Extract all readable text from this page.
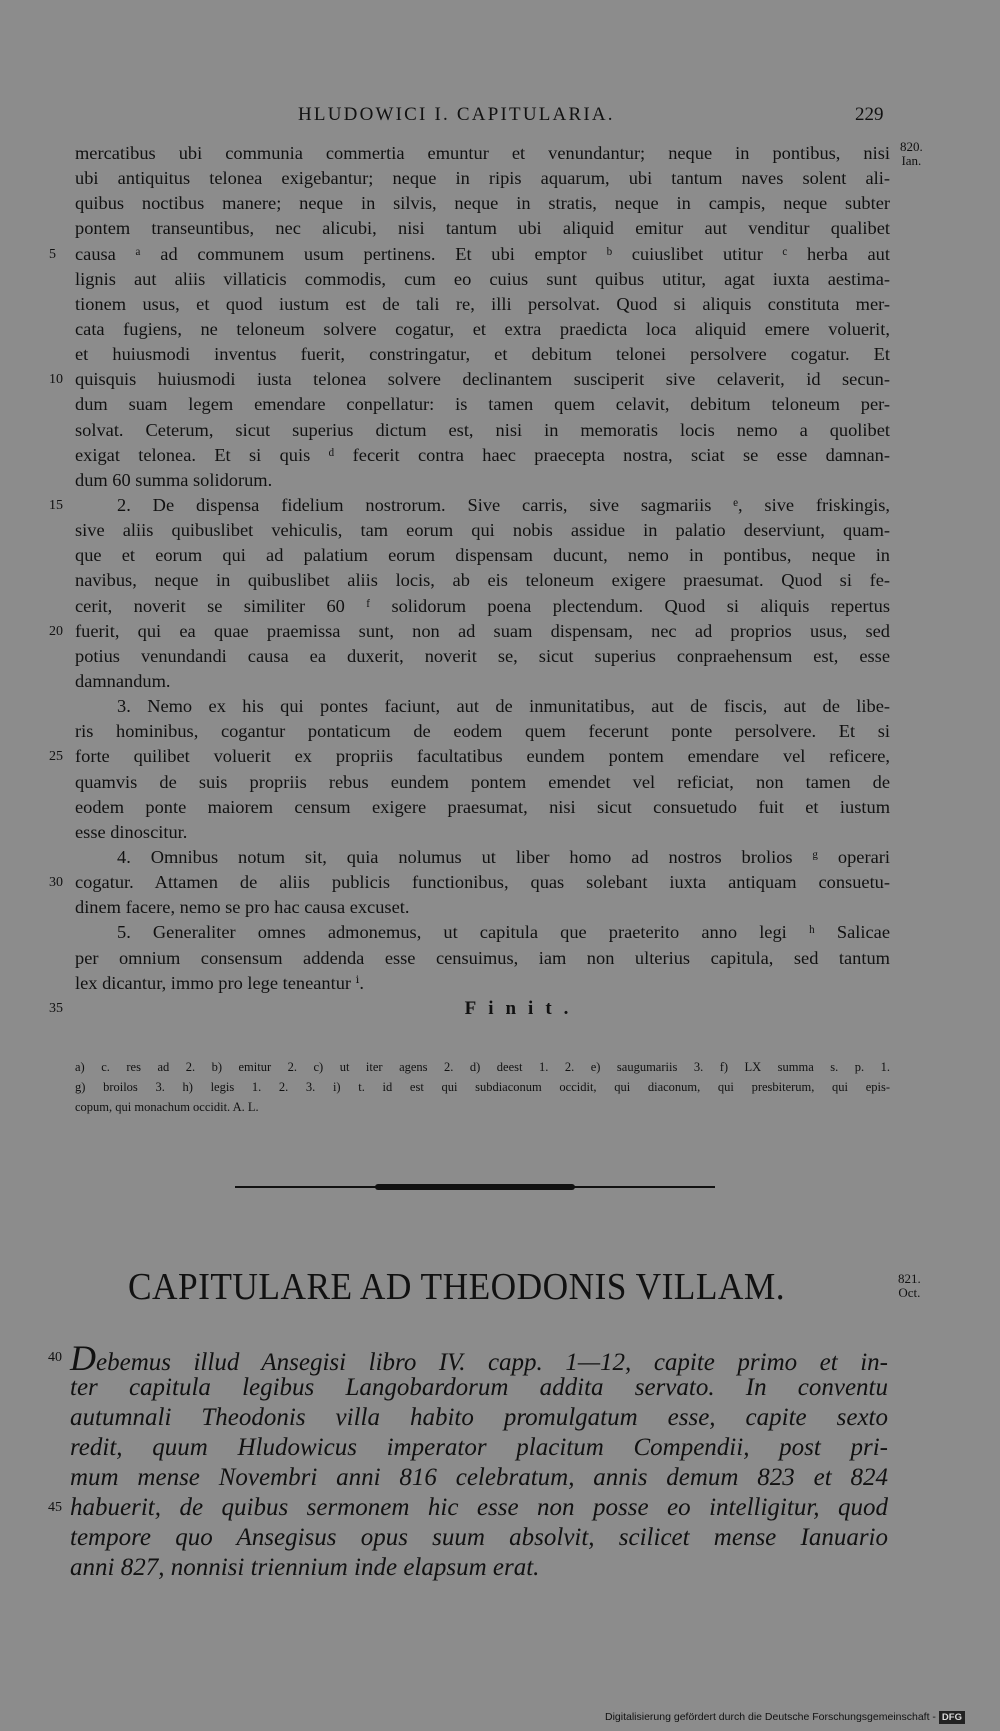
HLUDOWICI I. CAPITULARIA.	229
820.
Ian.
mercatibus ubi communia commertia emuntur et venundantur; neque in pontibus, nisi
ubi antiquitus telonea exigebantur; neque in ripis aquarum, ubi tantum naves solent ali-
quibus noctibus manere; neque in silvis, neque in stratis, neque in campis, neque subter
pontem transeuntibus, nec alicubi, nisi tantum ubi aliquid emitur aut venditur qualibet
5	causa ᵃ ad communem usum pertinens. Et ubi emptor ᵇ cuiuslibet utitur ᶜ herba aut
lignis aut aliis villaticis commodis, cum eo cuius sunt quibus utitur, agat iuxta aestima-
tionem usus, et quod iustum est de tali re, illi persolvat. Quod si aliquis constituta mer-
cata fugiens, ne teloneum solvere cogatur, et extra praedicta loca aliquid emere voluerit,
et huiusmodi inventus fuerit, constringatur, et debitum telonei persolvere cogatur. Et
10 quisquis huiusmodi iusta telonea solvere declinantem susciperit sive celaverit, id secun-
dum suam legem emendare conpellatur: is tamen quem celavit, debitum teloneum per-
solvat. Ceterum, sicut superius dictum est, nisi in memoratis locis nemo a quolibet
exigat telonea. Et si quis ᵈ fecerit contra haec praecepta nostra, sciat se esse damnan-
dum 60 summa solidorum.
15	2. De dispensa fidelium nostrorum. Sive carris, sive sagmariis ᵉ, sive friskingis,
sive aliis quibuslibet vehiculis, tam eorum qui nobis assidue in palatio deserviunt, quam-
que et eorum qui ad palatium eorum dispensam ducunt, nemo in pontibus, neque in
navibus, neque in quibuslibet aliis locis, ab eis teloneum exigere praesumat. Quod si fe-
cerit, noverit se similiter 60 ᶠ solidorum poena plectendum. Quod si aliquis repertus
20 fuerit, qui ea quae praemissa sunt, non ad suam dispensam, nec ad proprios usus, sed
potius venundandi causa ea duxerit, noverit se, sicut superius conpraehensum est, esse
damnandum.
3. Nemo ex his qui pontes faciunt, aut de inmunitatibus, aut de fiscis, aut de libe-
ris hominibus, cogantur pontaticum de eodem quem fecerunt ponte persolvere. Et si
25 forte quilibet voluerit ex propriis facultatibus eundem pontem emendare vel reficere,
quamvis de suis propriis rebus eundem pontem emendet vel reficiat, non tamen de
eodem ponte maiorem censum exigere praesumat, nisi sicut consuetudo fuit et iustum
esse dinoscitur.
4. Omnibus notum sit, quia nolumus ut liber homo ad nostros brolios ᵍ operari
30 cogatur. Attamen de aliis publicis functionibus, quas solebant iuxta antiquam consuetu-
dinem facere, nemo se pro hac causa excuset.
5. Generaliter omnes admonemus, ut capitula que praeterito anno legi ʰ Salicae
per omnium consensum addenda esse censuimus, iam non ulterius capitula, sed tantum
lex dicantur, immo pro lege teneantur ⁱ.
35	Finit.
a) c. res ad 2. b) emitur 2. c) ut iter agens 2. d) deest 1. 2. e) saugumariis 3. f) LX summa s. p. 1.
g) broilos 3. h) legis 1. 2. 3. i) t. id est qui subdiaconum occidit, qui diaconum, qui presbiterum, qui epis-
copum, qui monachum occidit. A. L.
CAPITULARE AD THEODONIS VILLAM.	821.
Oct.
40 Debemus illud Ansegisi libro IV. capp. 1—12, capite primo et in-
ter capitula legibus Langobardorum addita servato. In conventu
autumnali Theodonis villa habito promulgatum esse, capite sexto
redit, quum Hludowicus imperator placitum Compendii, post pri-
mum mense Novembri anni 816 celebratum, annis demum 823 et 824
45 habuerit, de quibus sermonem hic esse non posse eo intelligitur, quod
tempore quo Ansegisus opus suum absolvit, scilicet mense Ianuario
anni 827, nonnisi triennium inde elapsum erat.
Digitalisierung gefördert durch die Deutsche Forschungsgemeinschaft - DFG
